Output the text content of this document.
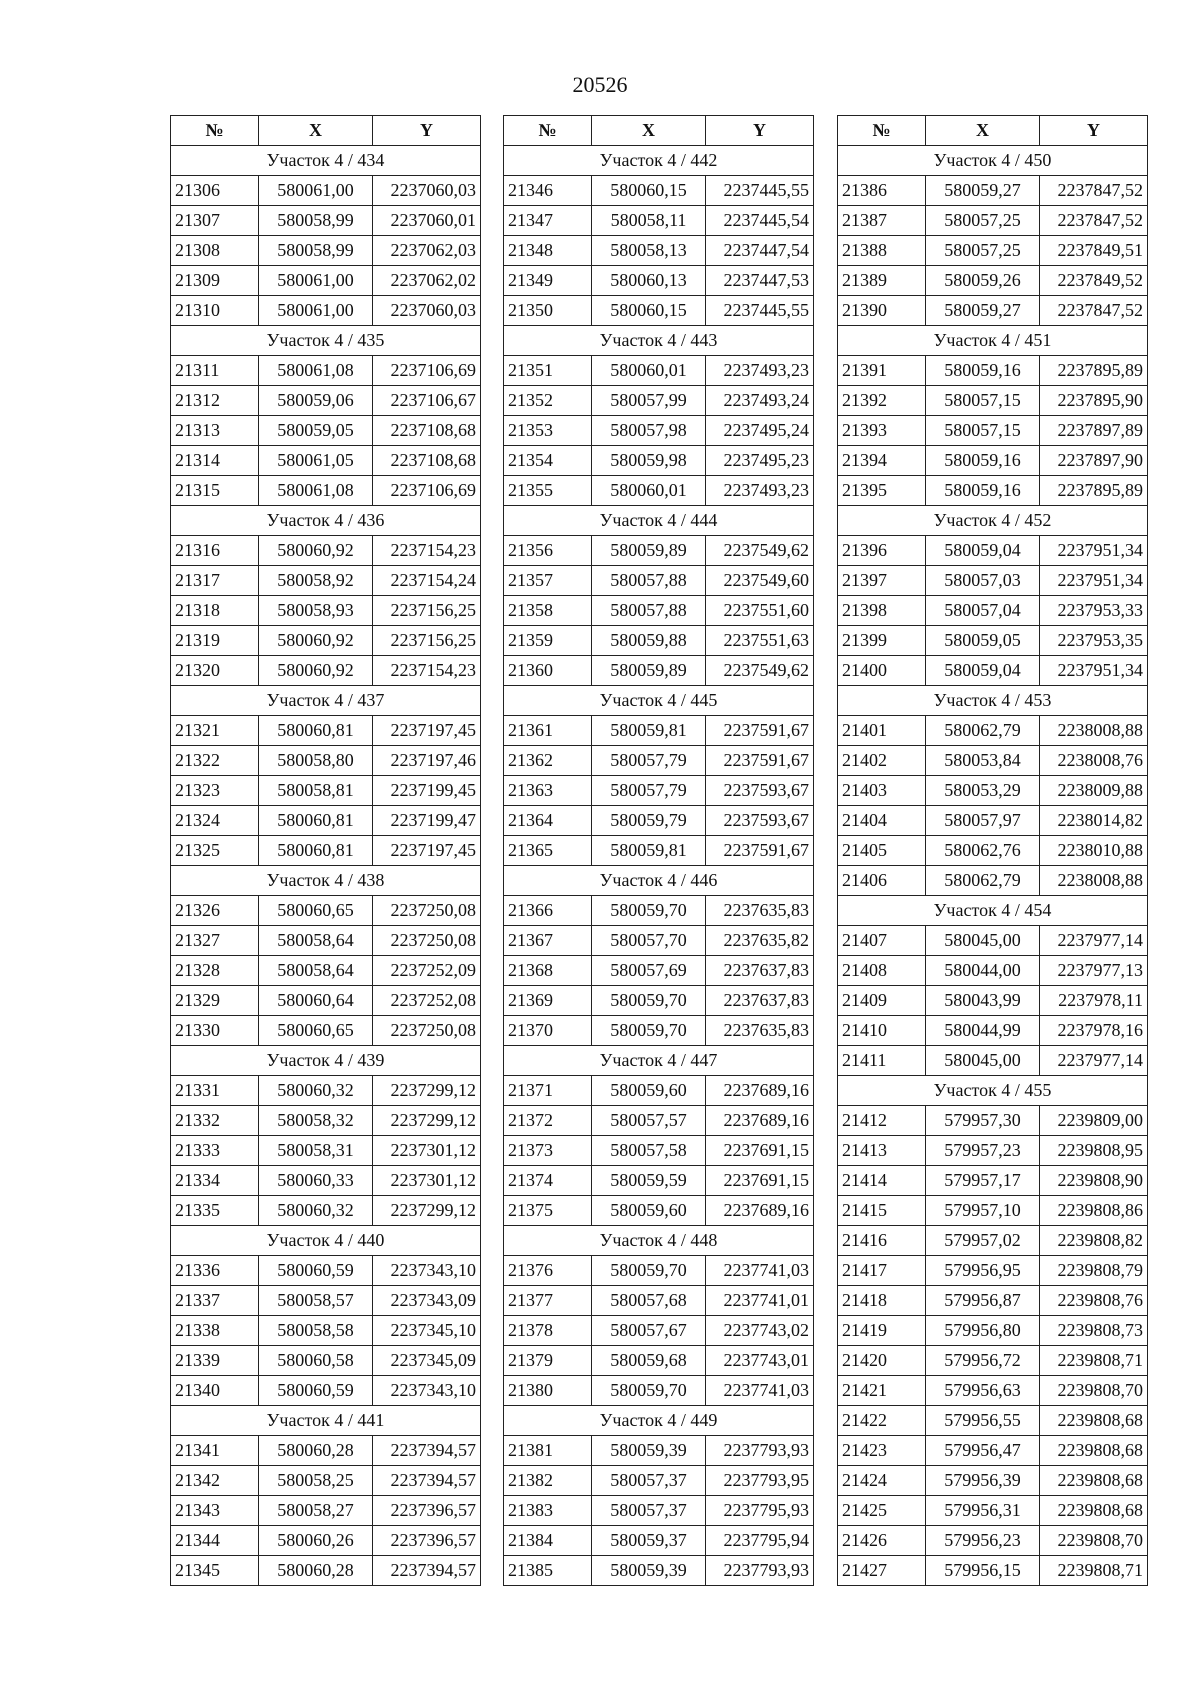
20526
№	X	Y
Участок 4 / 434		
21306	580061,00	2237060,03
21307	580058,99	2237060,01
21308	580058,99	2237062,03
21309	580061,00	2237062,02
21310	580061,00	2237060,03
Участок 4 / 435		
21311	580061,08	2237106,69
21312	580059,06	2237106,67
21313	580059,05	2237108,68
21314	580061,05	2237108,68
21315	580061,08	2237106,69
Участок 4 / 436		
21316	580060,92	2237154,23
21317	580058,92	2237154,24
21318	580058,93	2237156,25
21319	580060,92	2237156,25
21320	580060,92	2237154,23
Участок 4 / 437		
21321	580060,81	2237197,45
21322	580058,80	2237197,46
21323	580058,81	2237199,45
21324	580060,81	2237199,47
21325	580060,81	2237197,45
Участок 4 / 438		
21326	580060,65	2237250,08
21327	580058,64	2237250,08
21328	580058,64	2237252,09
21329	580060,64	2237252,08
21330	580060,65	2237250,08
Участок 4 / 439		
21331	580060,32	2237299,12
21332	580058,32	2237299,12
21333	580058,31	2237301,12
21334	580060,33	2237301,12
21335	580060,32	2237299,12
Участок 4 / 440		
21336	580060,59	2237343,10
21337	580058,57	2237343,09
21338	580058,58	2237345,10
21339	580060,58	2237345,09
21340	580060,59	2237343,10
Участок 4 / 441		
21341	580060,28	2237394,57
21342	580058,25	2237394,57
21343	580058,27	2237396,57
21344	580060,26	2237396,57
21345	580060,28	2237394,57
№	X	Y
Участок 4 / 442		
21346	580060,15	2237445,55
21347	580058,11	2237445,54
21348	580058,13	2237447,54
21349	580060,13	2237447,53
21350	580060,15	2237445,55
Участок 4 / 443		
21351	580060,01	2237493,23
21352	580057,99	2237493,24
21353	580057,98	2237495,24
21354	580059,98	2237495,23
21355	580060,01	2237493,23
Участок 4 / 444		
21356	580059,89	2237549,62
21357	580057,88	2237549,60
21358	580057,88	2237551,60
21359	580059,88	2237551,63
21360	580059,89	2237549,62
Участок 4 / 445		
21361	580059,81	2237591,67
21362	580057,79	2237591,67
21363	580057,79	2237593,67
21364	580059,79	2237593,67
21365	580059,81	2237591,67
Участок 4 / 446		
21366	580059,70	2237635,83
21367	580057,70	2237635,82
21368	580057,69	2237637,83
21369	580059,70	2237637,83
21370	580059,70	2237635,83
Участок 4 / 447		
21371	580059,60	2237689,16
21372	580057,57	2237689,16
21373	580057,58	2237691,15
21374	580059,59	2237691,15
21375	580059,60	2237689,16
Участок 4 / 448		
21376	580059,70	2237741,03
21377	580057,68	2237741,01
21378	580057,67	2237743,02
21379	580059,68	2237743,01
21380	580059,70	2237741,03
Участок 4 / 449		
21381	580059,39	2237793,93
21382	580057,37	2237793,95
21383	580057,37	2237795,93
21384	580059,37	2237795,94
21385	580059,39	2237793,93
№	X	Y
Участок 4 / 450		
21386	580059,27	2237847,52
21387	580057,25	2237847,52
21388	580057,25	2237849,51
21389	580059,26	2237849,52
21390	580059,27	2237847,52
Участок 4 / 451		
21391	580059,16	2237895,89
21392	580057,15	2237895,90
21393	580057,15	2237897,89
21394	580059,16	2237897,90
21395	580059,16	2237895,89
Участок 4 / 452		
21396	580059,04	2237951,34
21397	580057,03	2237951,34
21398	580057,04	2237953,33
21399	580059,05	2237953,35
21400	580059,04	2237951,34
Участок 4 / 453		
21401	580062,79	2238008,88
21402	580053,84	2238008,76
21403	580053,29	2238009,88
21404	580057,97	2238014,82
21405	580062,76	2238010,88
21406	580062,79	2238008,88
Участок 4 / 454		
21407	580045,00	2237977,14
21408	580044,00	2237977,13
21409	580043,99	2237978,11
21410	580044,99	2237978,16
21411	580045,00	2237977,14
Участок 4 / 455		
21412	579957,30	2239809,00
21413	579957,23	2239808,95
21414	579957,17	2239808,90
21415	579957,10	2239808,86
21416	579957,02	2239808,82
21417	579956,95	2239808,79
21418	579956,87	2239808,76
21419	579956,80	2239808,73
21420	579956,72	2239808,71
21421	579956,63	2239808,70
21422	579956,55	2239808,68
21423	579956,47	2239808,68
21424	579956,39	2239808,68
21425	579956,31	2239808,68
21426	579956,23	2239808,70
21427	579956,15	2239808,71
